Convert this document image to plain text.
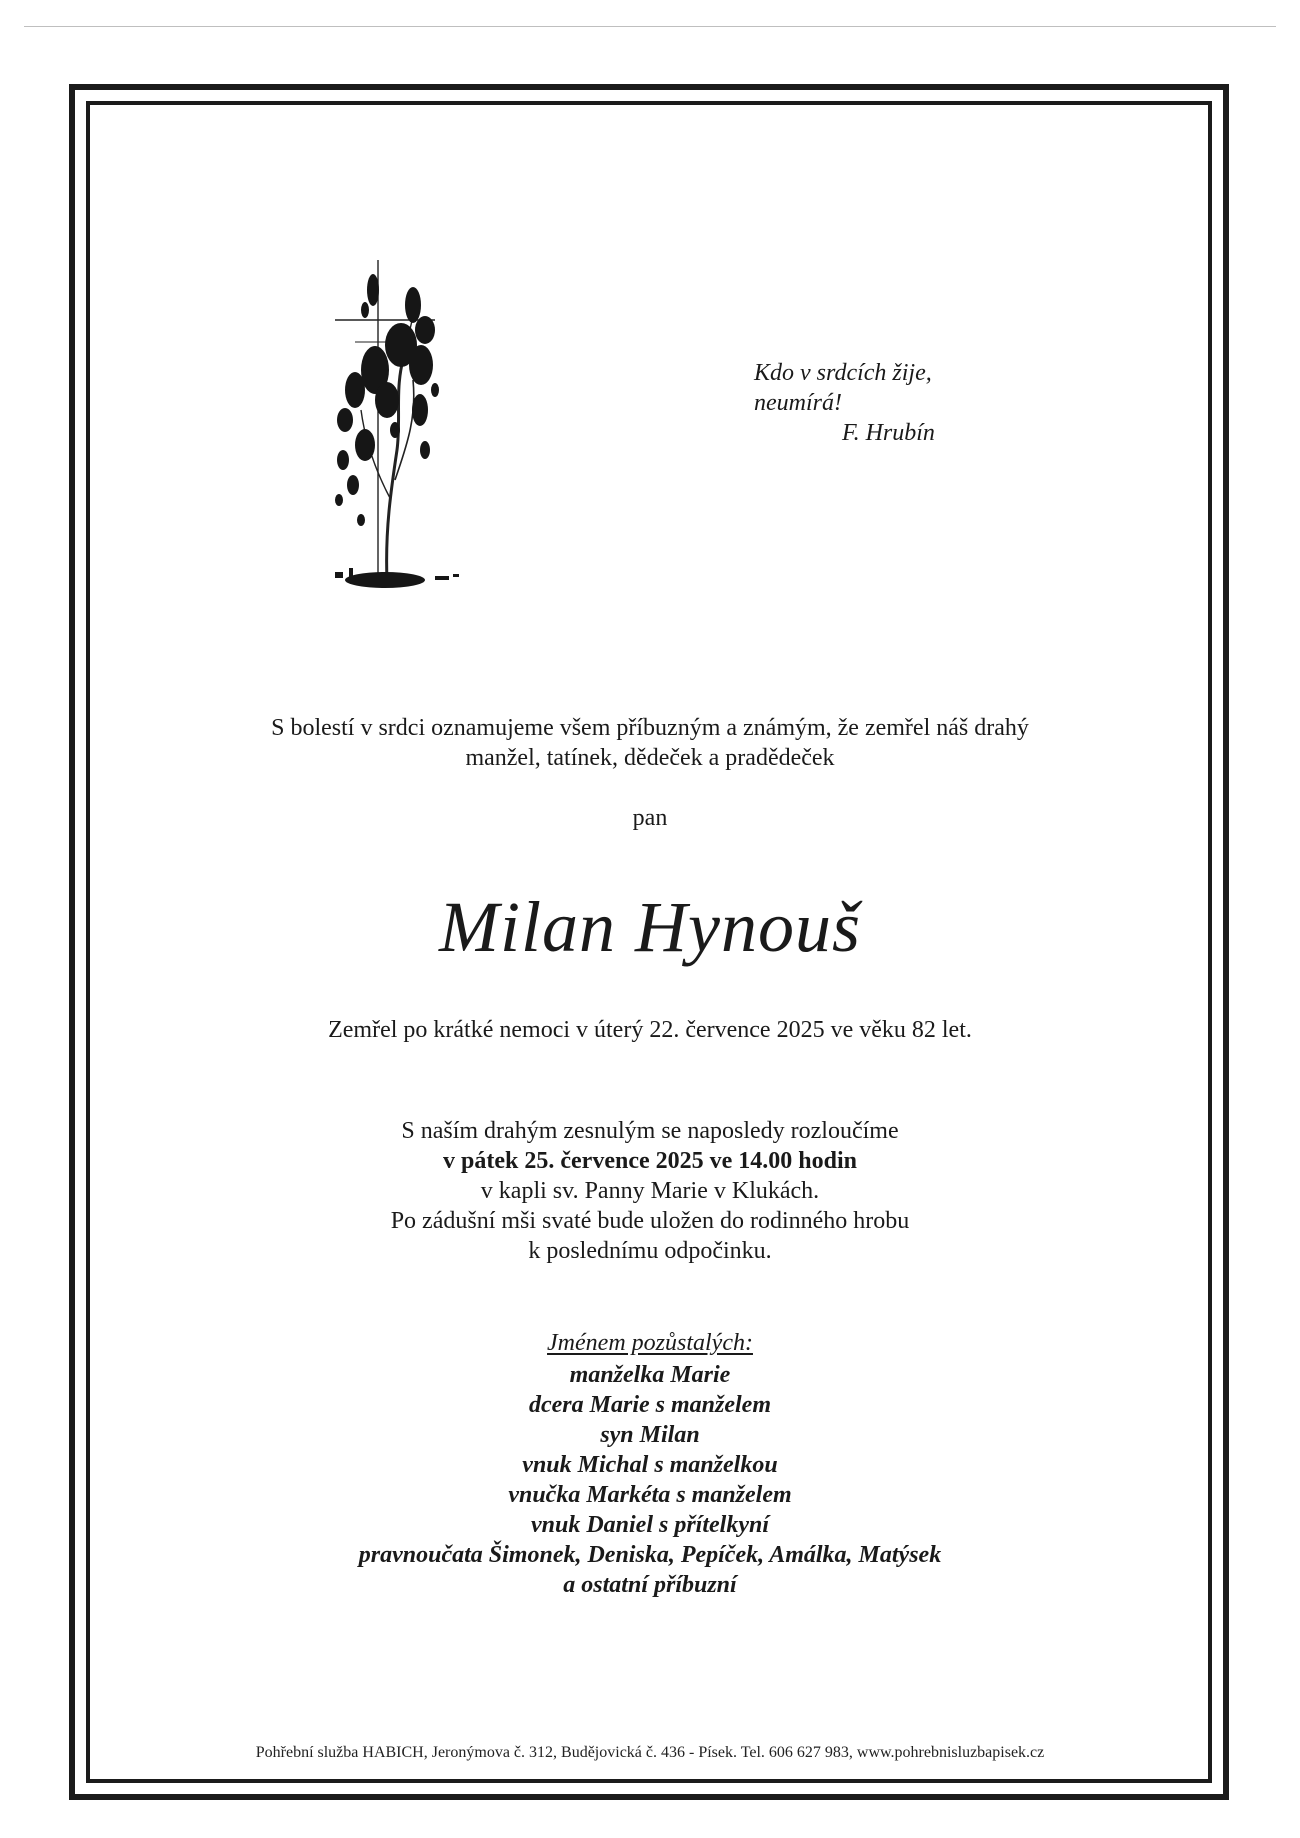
Kdo v srdcích žije,
neumírá!
F. Hrubín
S bolestí v srdci oznamujeme všem příbuzným a známým, že zemřel náš drahý
manžel, tatínek, dědeček a pradědeček
pan
Milan Hynouš
Zemřel po krátké nemoci v úterý 22. července 2025 ve věku 82 let.
S naším drahým zesnulým se naposledy rozloučíme
v pátek 25. července 2025 ve 14.00 hodin
v kapli sv. Panny Marie v Klukách.
Po zádušní mši svaté bude uložen do rodinného hrobu
k poslednímu odpočinku.
Jménem pozůstalých:
manželka Marie
dcera Marie s manželem
syn Milan
vnuk Michal s manželkou
vnučka Markéta s manželem
vnuk Daniel s přítelkyní
pravnoučata Šimonek, Deniska, Pepíček, Amálka, Matýsek
a ostatní příbuzní
Pohřební služba HABICH, Jeronýmova č. 312, Budějovická č. 436 - Písek. Tel. 606 627 983, www.pohrebnisluzbapisek.cz
